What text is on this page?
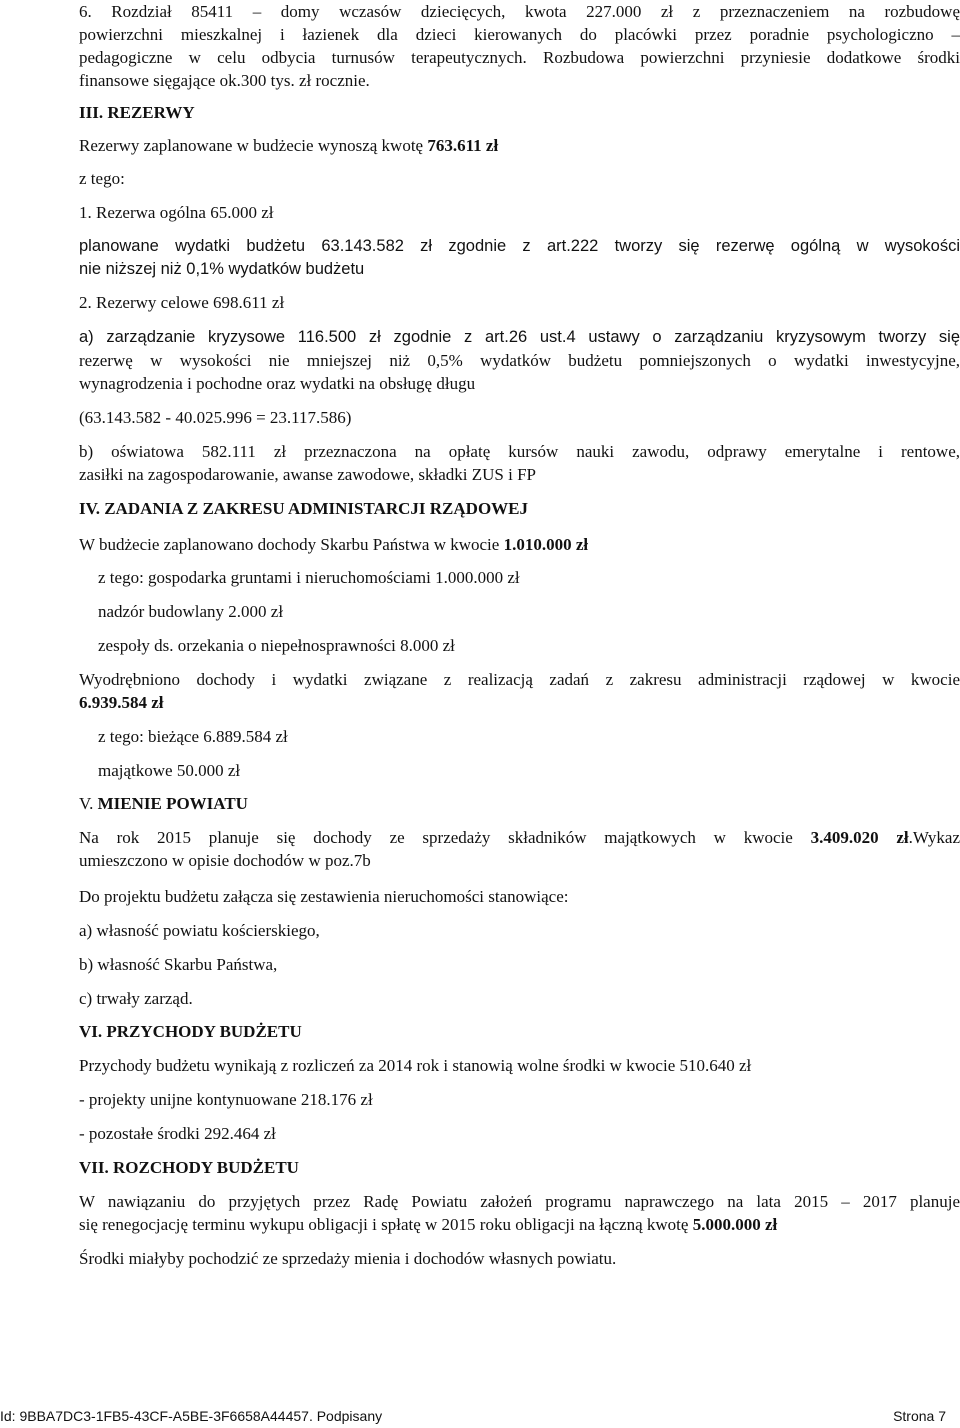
6. Rozdział 85411 – domy wczasów dziecięcych, kwota 227.000 zł z przeznaczeniem na rozbudowę
powierzchni mieszkalnej i łazienek dla dzieci kierowanych do placówki przez poradnie psychologiczno –
pedagogiczne w celu odbycia turnusów terapeutycznych. Rozbudowa powierzchni przyniesie dodatkowe środki
finansowe sięgające ok.300 tys. zł rocznie.
III. REZERWY
Rezerwy zaplanowane w budżecie wynoszą kwotę 763.611 zł
z tego:
1. Rezerwa ogólna 65.000 zł
planowane wydatki budżetu 63.143.582 zł zgodnie z art.222 tworzy się rezerwę ogólną w wysokości
nie niższej niż 0,1% wydatków budżetu
2. Rezerwy celowe 698.611 zł
a) zarządzanie kryzysowe 116.500 zł zgodnie z art.26 ust.4 ustawy o zarządzaniu kryzysowym tworzy się
rezerwę w wysokości nie mniejszej niż 0,5% wydatków budżetu pomniejszonych o wydatki inwestycyjne,
wynagrodzenia i pochodne oraz wydatki na obsługę długu
(63.143.582 - 40.025.996 = 23.117.586)
b) oświatowa 582.111 zł przeznaczona na opłatę kursów nauki zawodu, odprawy emerytalne i rentowe,
zasiłki na zagospodarowanie, awanse zawodowe, składki ZUS i FP
IV. ZADANIA Z ZAKRESU ADMINISTARCJI RZĄDOWEJ
W budżecie zaplanowano dochody Skarbu Państwa w kwocie 1.010.000 zł
z tego: gospodarka gruntami i nieruchomościami 1.000.000 zł
nadzór budowlany 2.000 zł
zespoły ds. orzekania o niepełnosprawności 8.000 zł
Wyodrębniono dochody i wydatki związane z realizacją zadań z zakresu administracji rządowej w kwocie
6.939.584 zł
z tego: bieżące 6.889.584 zł
majątkowe 50.000 zł
V. MIENIE POWIATU
Na rok 2015 planuje się dochody ze sprzedaży składników majątkowych w kwocie 3.409.020 zł.Wykaz
umieszczono w opisie dochodów w poz.7b
Do projektu budżetu załącza się zestawienia nieruchomości stanowiące:
a) własność powiatu kościerskiego,
b) własność Skarbu Państwa,
c) trwały zarząd.
VI. PRZYCHODY BUDŻETU
Przychody budżetu wynikają z rozliczeń za 2014 rok i stanowią wolne środki w kwocie 510.640 zł
- projekty unijne kontynuowane 218.176 zł
- pozostałe środki 292.464 zł
VII. ROZCHODY BUDŻETU
W nawiązaniu do przyjętych przez Radę Powiatu założeń programu naprawczego na lata 2015 – 2017 planuje
się renegocjację terminu wykupu obligacji i spłatę w 2015 roku obligacji na łączną kwotę 5.000.000 zł
Środki miałyby pochodzić ze sprzedaży mienia i dochodów własnych powiatu.
Id: 9BBA7DC3-1FB5-43CF-A5BE-3F6658A44457. Podpisany	Strona 7
